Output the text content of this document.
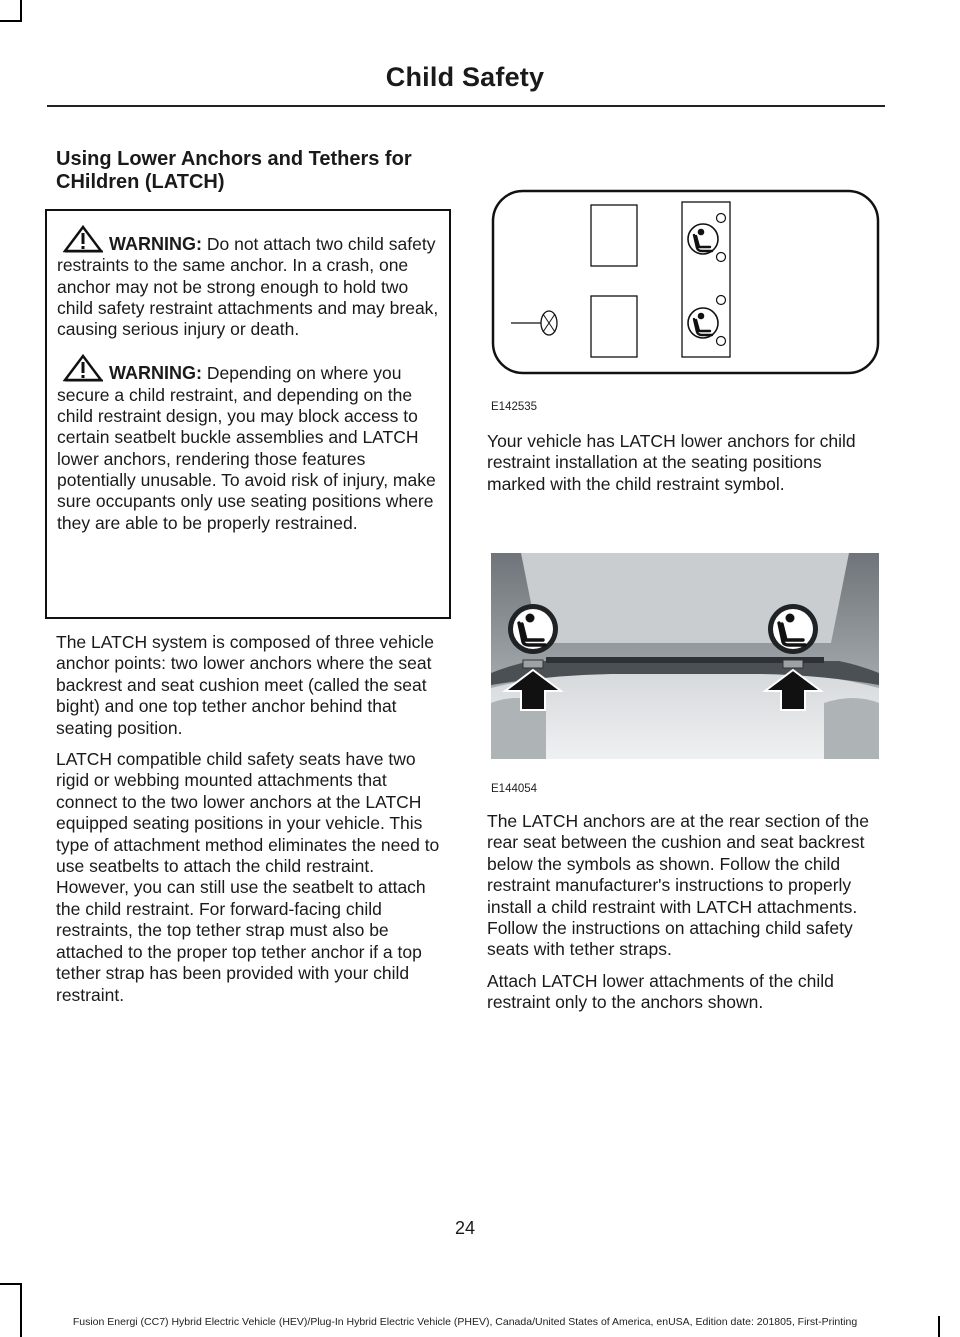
Child Safety
Using Lower Anchors and Tethers for CHildren (LATCH)

WARNING: Do not attach two child safety restraints to the same anchor. In a crash, one anchor may not be strong enough to hold two child safety restraint attachments and may break, causing serious injury or death.

WARNING: Depending on where you secure a child restraint, and depending on the child restraint design, you may block access to certain seatbelt buckle assemblies and LATCH lower anchors, rendering those features potentially unusable. To avoid risk of injury, make sure occupants only use seating positions where they are able to be properly restrained.

The LATCH system is composed of three vehicle anchor points: two lower anchors where the seat backrest and seat cushion meet (called the seat bight) and one top tether anchor behind that seating position.

LATCH compatible child safety seats have two rigid or webbing mounted attachments that connect to the two lower anchors at the LATCH equipped seating positions in your vehicle. This type of attachment method eliminates the need to use seatbelts to attach the child restraint. However, you can still use the seatbelt to attach the child restraint. For forward-facing child restraints, the top tether strap must also be attached to the proper top tether anchor if a top tether strap has been provided with your child restraint.

E142535

Your vehicle has LATCH lower anchors for child restraint installation at the seating positions marked with the child restraint symbol.

E144054

The LATCH anchors are at the rear section of the rear seat between the cushion and seat backrest below the symbols as shown. Follow the child restraint manufacturer's instructions to properly install a child restraint with LATCH attachments. Follow the instructions on attaching child safety seats with tether straps.

Attach LATCH lower attachments of the child restraint only to the anchors shown.

24
Fusion Energi (CC7) Hybrid Electric Vehicle (HEV)/Plug-In Hybrid Electric Vehicle (PHEV), Canada/United States of America, enUSA, Edition date: 201805, First-Printing
